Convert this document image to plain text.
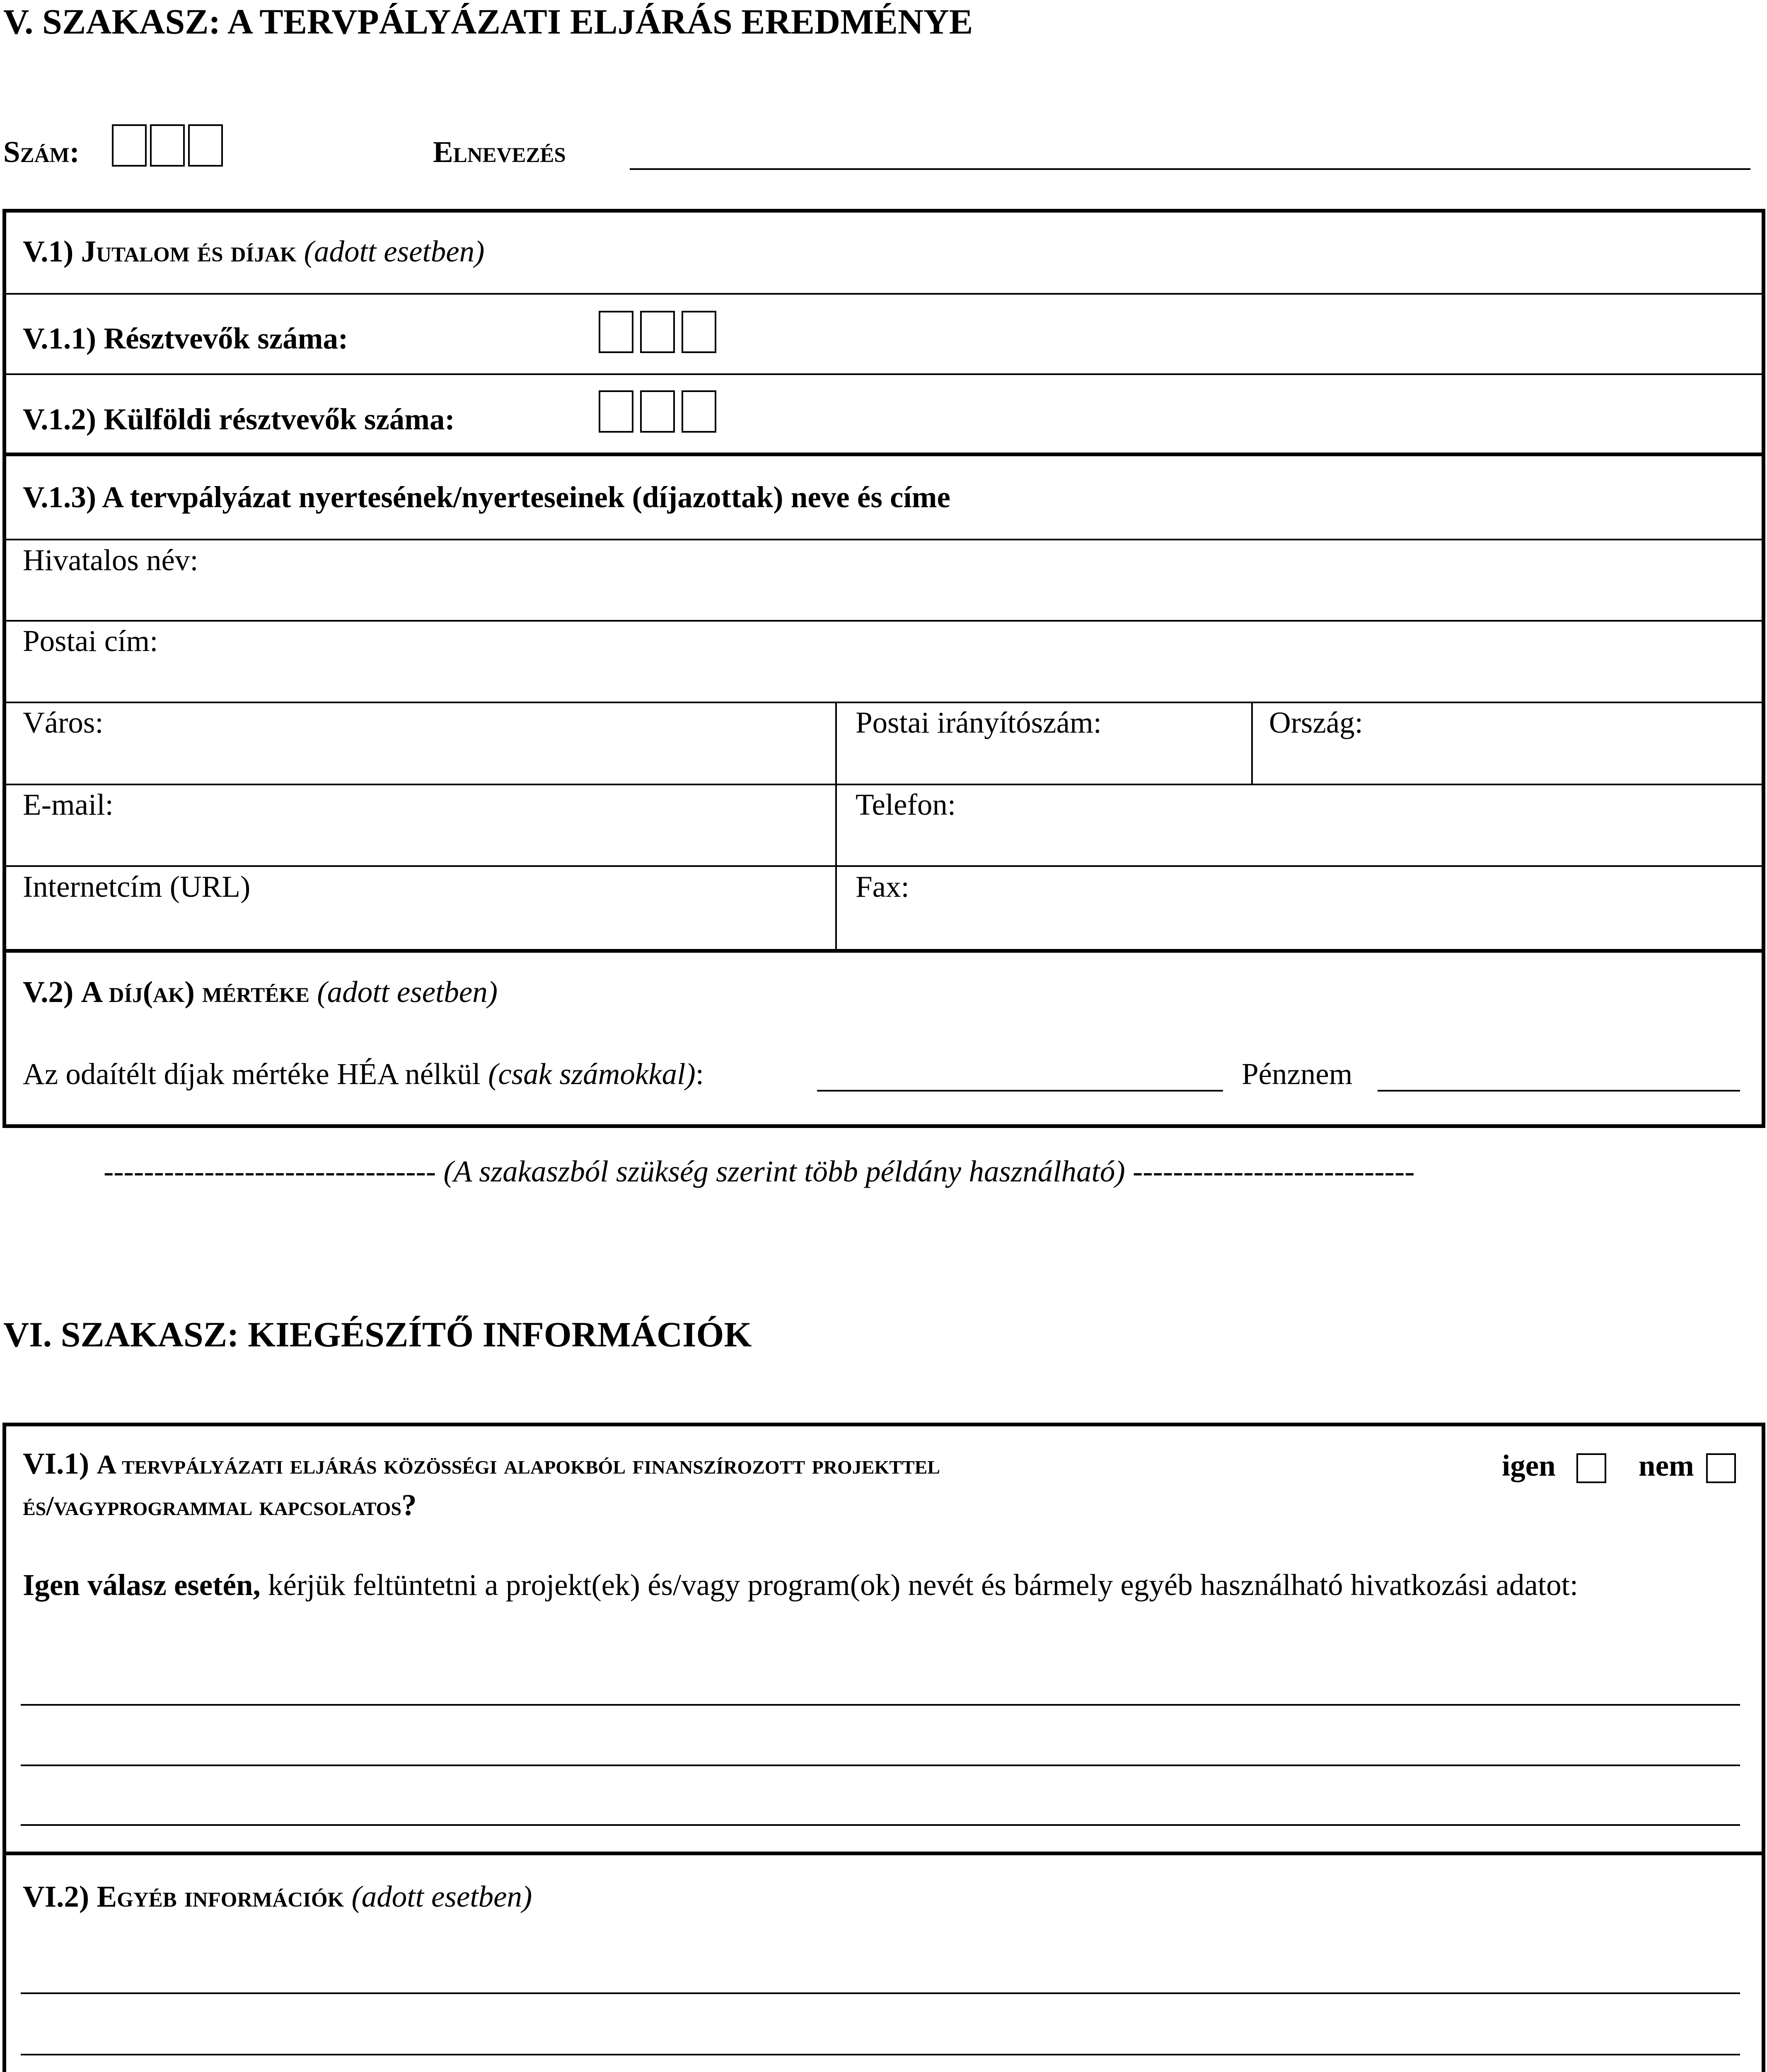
V. SZAKASZ: A TERVPÁLYÁZATI ELJÁRÁS EREDMÉNYE
Szám:	Elnevezés
V.1) Jutalom és díjak (adott esetben)
V.1.1) Résztvevők száma:
V.1.2) Külföldi résztvevők száma:
V.1.3) A tervpályázat nyertesének/nyerteseinek (díjazottak) neve és címe
Hivatalos név:
Postai cím:
Város:	Postai irányítószám:	Ország:
E-mail:	Telefon:
Internetcím (URL)	Fax:
V.2) A díj(ak) mértéke (adott esetben)
Az odaítélt díjak mértéke HÉA nélkül (csak számokkal):	Pénznem
--------------------------------- (A szakaszból szükség szerint több példány használható) ----------------------------
VI. SZAKASZ: KIEGÉSZÍTŐ INFORMÁCIÓK
VI.1) A tervpályázati eljárás közösségi alapokból finanszírozott projekttel
és/vagyprogrammal kapcsolatos?
igen	nem
Igen válasz esetén, kérjük feltüntetni a projekt(ek) és/vagy program(ok) nevét és bármely egyéb használható hivatkozási adatot:
VI.2) Egyéb információk (adott esetben)
